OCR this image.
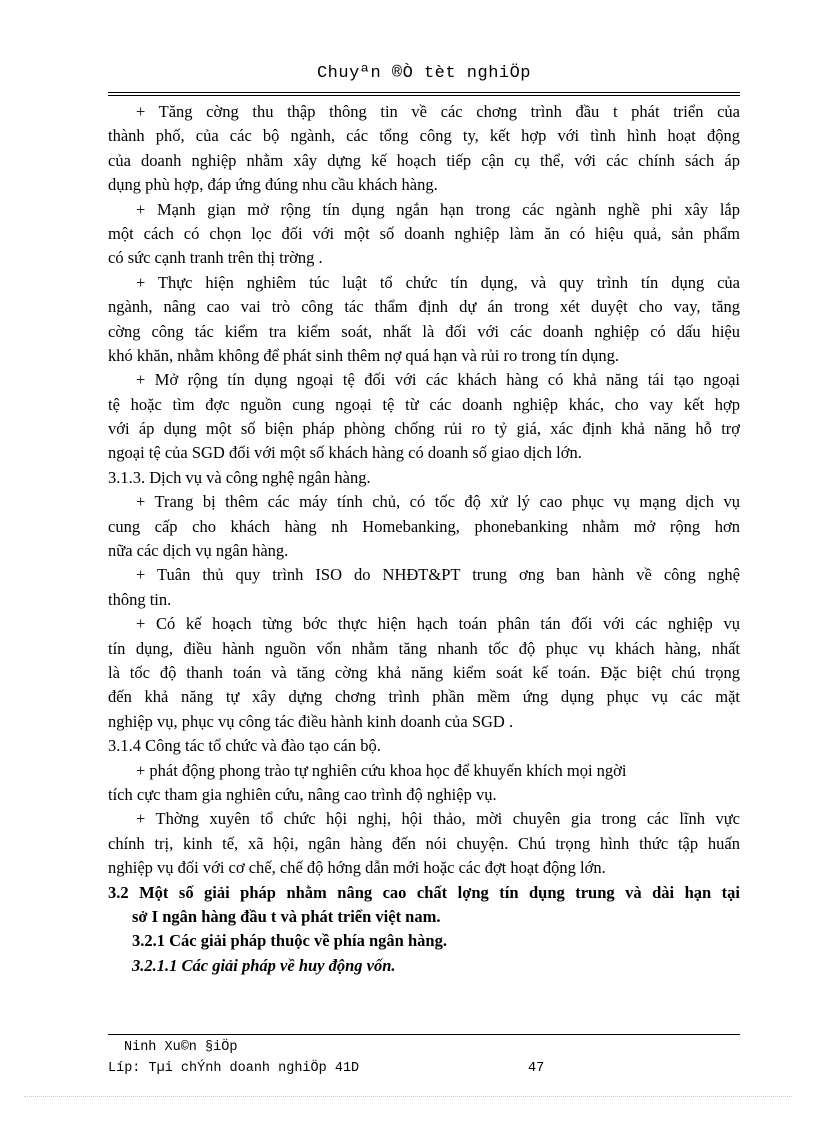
Chuyªn ®Ò tèt nghiÖp
+ Tăng cờng thu thập thông tin về các chơng trình đầu t phát triển của
thành phố, của các bộ ngành, các tổng công ty, kết hợp với tình hình hoạt động
của doanh nghiệp nhằm xây dựng kế hoạch tiếp cận cụ thể, với các chính sách áp
dụng phù hợp, đáp ứng đúng nhu cầu khách hàng.
+ Mạnh giạn mở rộng tín dụng ngắn hạn trong các ngành nghề phi xây lắp
một cách có chọn lọc đối với một số doanh nghiệp làm ăn có hiệu quả, sản phẩm
có sức cạnh tranh trên thị trờng .
+ Thực hiện nghiêm túc luật tổ chức tín dụng, và quy trình tín dụng của
ngành, nâng cao vai trò công tác thẩm định dự án trong xét duyệt cho vay, tăng
cờng công tác kiểm tra kiểm soát, nhất là đối với các doanh nghiệp có dấu hiệu
khó khăn, nhằm không để phát sinh thêm nợ quá hạn và rủi ro trong tín dụng.
+ Mở rộng tín dụng ngoại tệ đối với các khách hàng có khả năng tái tạo ngoại
tệ hoặc tìm đợc nguồn cung ngoại tệ từ các doanh nghiệp khác, cho vay kết hợp
với áp dụng một số biện pháp phòng chống rủi ro tỷ giá, xác định khả năng hỗ trợ
ngoại tệ của SGD đối với một số khách hàng có doanh số giao dịch lớn.
3.1.3. Dịch vụ và công nghệ ngân hàng.
+ Trang bị thêm các máy tính chủ, có tốc độ xử lý cao phục vụ mạng dịch vụ
cung cấp cho khách hàng nh Homebanking, phonebanking nhằm mở rộng hơn
nữa các dịch vụ ngân hàng.
+ Tuân thủ quy trình ISO do NHĐT&PT trung ơng ban hành về công nghệ
thông tin.
+ Có kế hoạch từng bớc thực hiện hạch toán phân tán đối với các nghiệp vụ
tín dụng, điều hành nguồn vốn nhằm tăng nhanh tốc độ phục vụ khách hàng, nhất
là tốc độ thanh toán và tăng cờng khả năng kiểm soát kế toán. Đặc biệt chú trọng
đến khả năng tự xây dựng chơng trình phần mềm ứng dụng phục vụ các mặt
nghiệp vụ, phục vụ công tác điều hành kinh doanh của SGD .
3.1.4 Công tác tổ chức và đào tạo cán bộ.
+ phát động phong trào tự nghiên cứu khoa học để khuyến khích mọi ngời
tích cực tham gia nghiên cứu, nâng cao trình độ nghiệp vụ.
+ Thờng xuyên tổ chức hội nghị, hội thảo, mời chuyên gia trong các lĩnh vực
chính trị, kinh tế, xã hội, ngân hàng đến nói chuyện. Chú trọng hình thức tập huấn
nghiệp vụ đối với cơ chế, chế độ hớng dẫn mới hoặc các đợt hoạt động lớn.
3.2 Một số giải pháp nhằm nâng cao chất lợng tín dụng trung và dài hạn tại
sở I ngân hàng đầu t và phát triển việt nam.
3.2.1 Các giải pháp thuộc về phía ngân hàng.
3.2.1.1 Các giải pháp về huy động vốn.
Ninh Xu©n §iÖp
Líp: Tµi chÝnh doanh nghiÖp 41D	47
